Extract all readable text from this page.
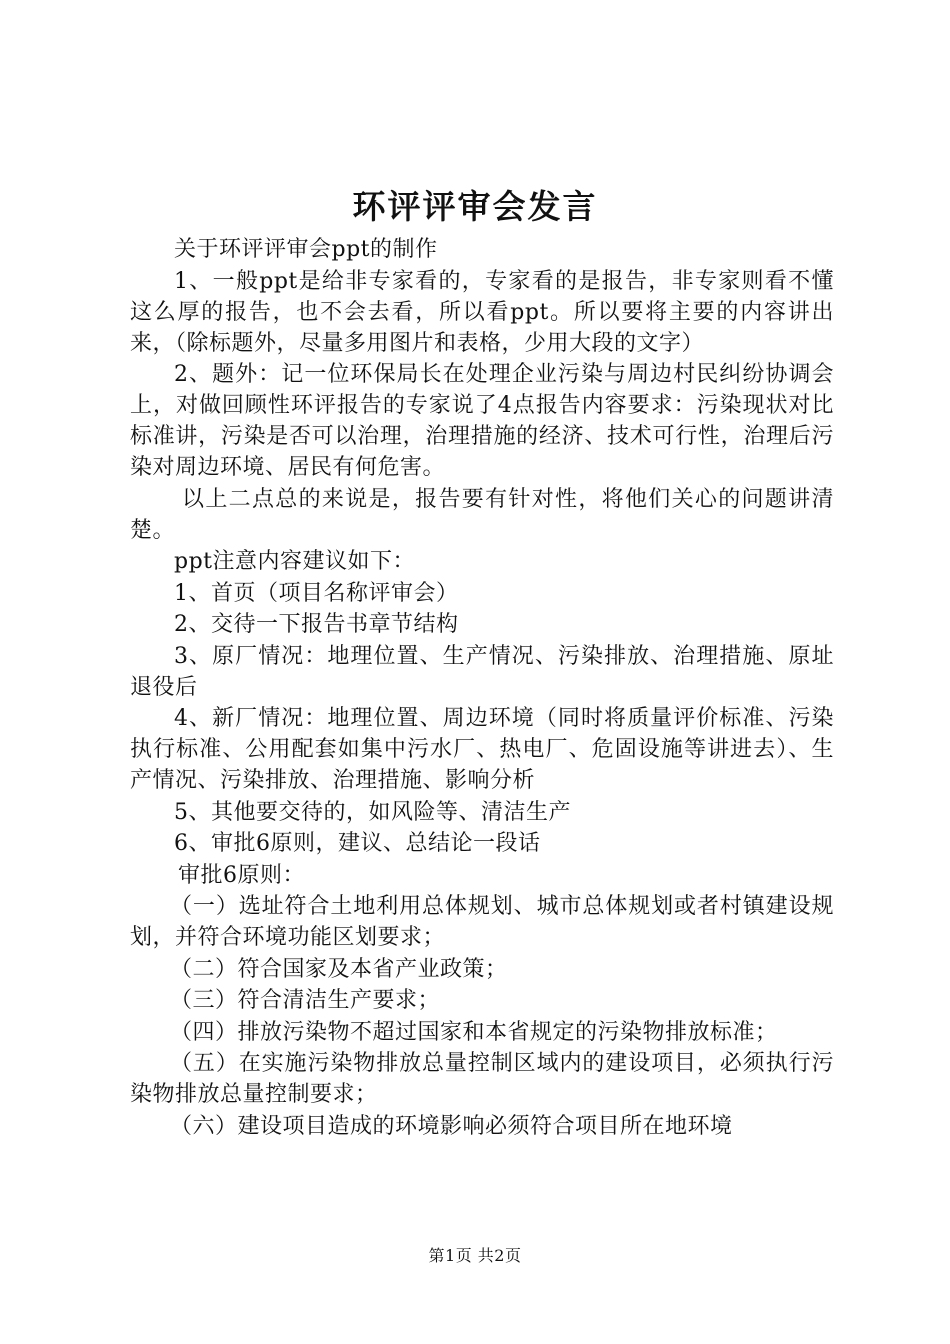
环评评审会发言

关于环评评审会ppt的制作

1、一般ppt是给非专家看的，专家看的是报告，非专家则看不懂这么厚的报告，也不会去看，所以看ppt。所以要将主要的内容讲出来，（除标题外，尽量多用图片和表格，少用大段的文字）

2、题外：记一位环保局长在处理企业污染与周边村民纠纷协调会上，对做回顾性环评报告的专家说了4点报告内容要求：污染现状对比标准讲，污染是否可以治理，治理措施的经济、技术可行性，治理后污染对周边环境、居民有何危害。

以上二点总的来说是，报告要有针对性，将他们关心的问题讲清楚。

ppt注意内容建议如下：

1、首页（项目名称评审会）

2、交待一下报告书章节结构

3、原厂情况：地理位置、生产情况、污染排放、治理措施、原址退役后

4、新厂情况：地理位置、周边环境（同时将质量评价标准、污染执行标准、公用配套如集中污水厂、热电厂、危固设施等讲进去）、生产情况、污染排放、治理措施、影响分析

5、其他要交待的，如风险等、清洁生产

6、审批6原则，建议、总结论一段话

审批6原则：

（一）选址符合土地利用总体规划、城市总体规划或者村镇建设规划，并符合环境功能区划要求；

（二）符合国家及本省产业政策；

（三）符合清洁生产要求；

（四）排放污染物不超过国家和本省规定的污染物排放标准；

（五）在实施污染物排放总量控制区域内的建设项目，必须执行污染物排放总量控制要求；

（六）建设项目造成的环境影响必须符合项目所在地环境

第1页 共2页
